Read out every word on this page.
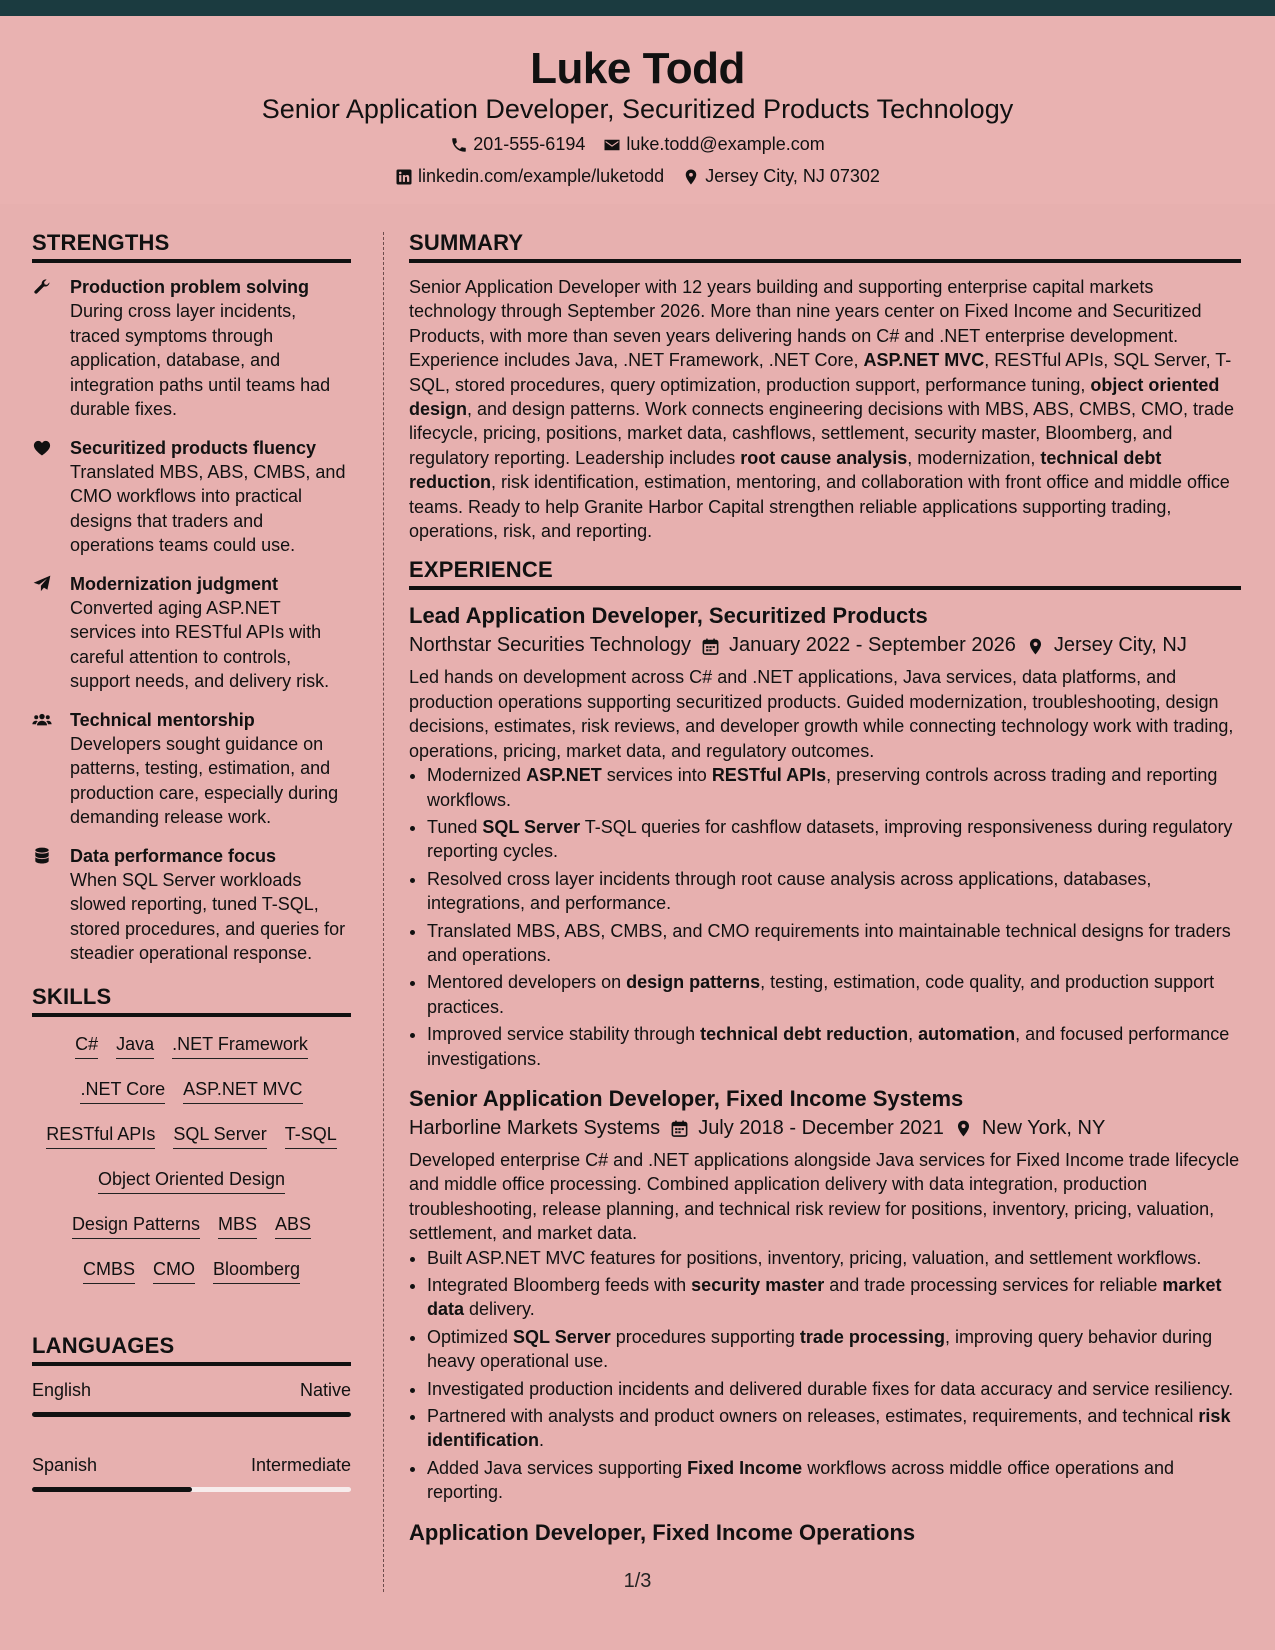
Luke Todd
Senior Application Developer, Securitized Products Technology
201-555-6194 luke.todd@example.com
linkedin.com/example/luketodd Jersey City, NJ 07302
STRENGTHS
Production problem solving
During cross layer incidents, traced symptoms through application, database, and integration paths until teams had durable fixes.
Securitized products fluency
Translated MBS, ABS, CMBS, and CMO workflows into practical designs that traders and operations teams could use.
Modernization judgment
Converted aging ASP.NET services into RESTful APIs with careful attention to controls, support needs, and delivery risk.
Technical mentorship
Developers sought guidance on patterns, testing, estimation, and production care, especially during demanding release work.
Data performance focus
When SQL Server workloads slowed reporting, tuned T-SQL, stored procedures, and queries for steadier operational response.
SKILLS
C# Java .NET Framework
.NET Core ASP.NET MVC
RESTful APIs SQL Server T-SQL
Object Oriented Design
Design Patterns MBS ABS
CMBS CMO Bloomberg
LANGUAGES
English	Native
Spanish	Intermediate
SUMMARY
Senior Application Developer with 12 years building and supporting enterprise capital markets technology through September 2026. More than nine years center on Fixed Income and Securitized Products, with more than seven years delivering hands on C# and .NET enterprise development. Experience includes Java, .NET Framework, .NET Core, ASP.NET MVC, RESTful APIs, SQL Server, T-SQL, stored procedures, query optimization, production support, performance tuning, object oriented design, and design patterns. Work connects engineering decisions with MBS, ABS, CMBS, CMO, trade lifecycle, pricing, positions, market data, cashflows, settlement, security master, Bloomberg, and regulatory reporting. Leadership includes root cause analysis, modernization, technical debt reduction, risk identification, estimation, mentoring, and collaboration with front office and middle office teams. Ready to help Granite Harbor Capital strengthen reliable applications supporting trading, operations, risk, and reporting.
EXPERIENCE
Lead Application Developer, Securitized Products
Northstar Securities Technology January 2022 - September 2026 Jersey City, NJ
Led hands on development across C# and .NET applications, Java services, data platforms, and production operations supporting securitized products. Guided modernization, troubleshooting, design decisions, estimates, risk reviews, and developer growth while connecting technology work with trading, operations, pricing, market data, and regulatory outcomes.
• Modernized ASP.NET services into RESTful APIs, preserving controls across trading and reporting workflows.
• Tuned SQL Server T-SQL queries for cashflow datasets, improving responsiveness during regulatory reporting cycles.
• Resolved cross layer incidents through root cause analysis across applications, databases, integrations, and performance.
• Translated MBS, ABS, CMBS, and CMO requirements into maintainable technical designs for traders and operations.
• Mentored developers on design patterns, testing, estimation, code quality, and production support practices.
• Improved service stability through technical debt reduction, automation, and focused performance investigations.
Senior Application Developer, Fixed Income Systems
Harborline Markets Systems July 2018 - December 2021 New York, NY
Developed enterprise C# and .NET applications alongside Java services for Fixed Income trade lifecycle and middle office processing. Combined application delivery with data integration, production troubleshooting, release planning, and technical risk review for positions, inventory, pricing, valuation, settlement, and market data.
• Built ASP.NET MVC features for positions, inventory, pricing, valuation, and settlement workflows.
• Integrated Bloomberg feeds with security master and trade processing services for reliable market data delivery.
• Optimized SQL Server procedures supporting trade processing, improving query behavior during heavy operational use.
• Investigated production incidents and delivered durable fixes for data accuracy and service resiliency.
• Partnered with analysts and product owners on releases, estimates, requirements, and technical risk identification.
• Added Java services supporting Fixed Income workflows across middle office operations and reporting.
Application Developer, Fixed Income Operations
1/3
